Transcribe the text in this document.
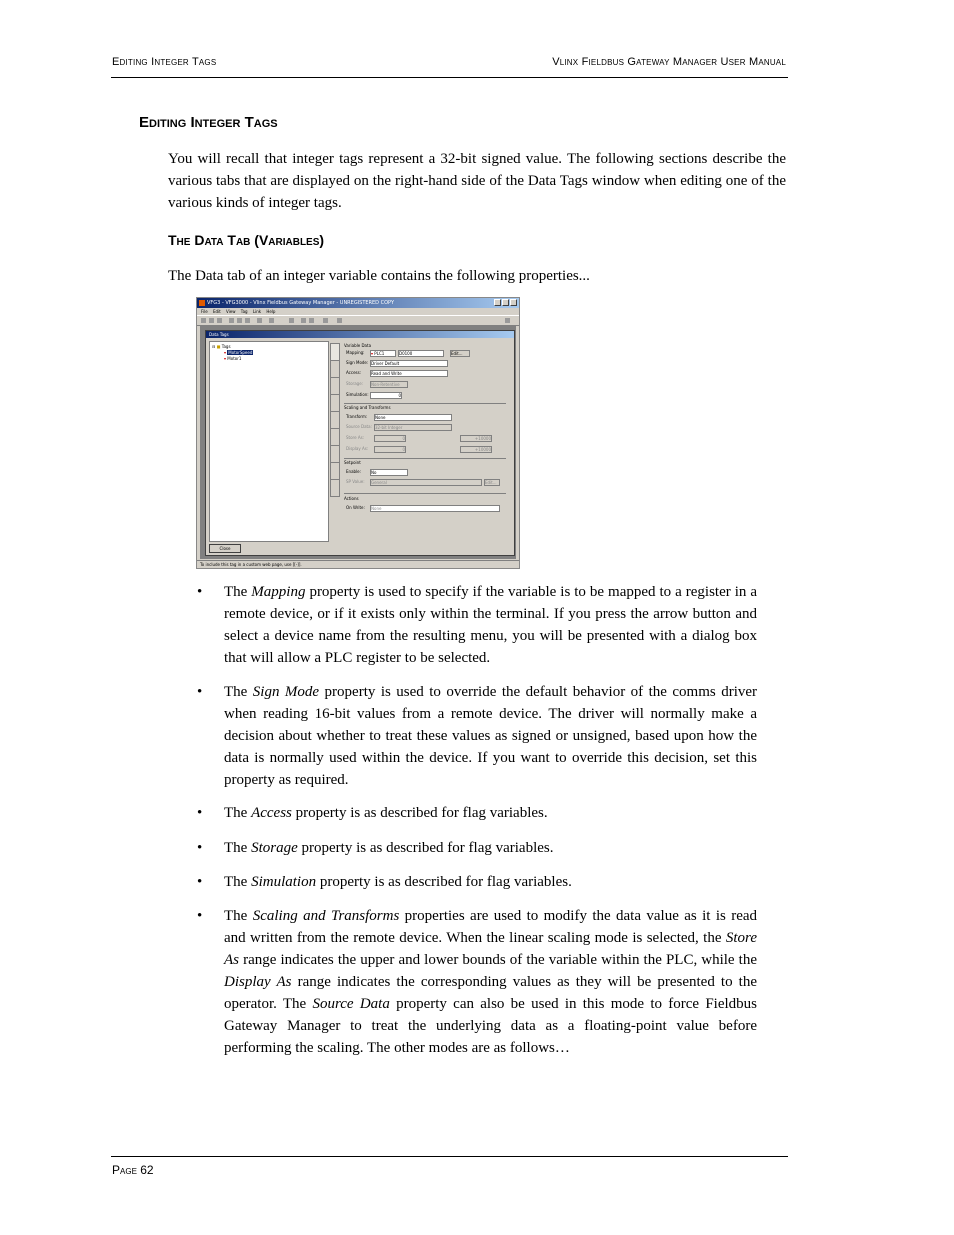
Editing Integer Tags	Vlinx Fieldbus Gateway Manager User Manual
Editing Integer Tags
You will recall that integer tags represent a 32-bit signed value. The following sections describe the various tabs that are displayed on the right-hand side of the Data Tags window when editing one of the various kinds of integer tags.
The Data Tab (Variables)
The Data tab of an integer variable contains the following properties...
VFG3 - VFG3000 - Vlinx Fieldbus Gateway Manager - UNREGISTERED COPY
File Edit View Tag Link Help
Data Tags
⊟ ■ Tags
▾ MotorSpeed
▾ Motor1
Close
Variable Data
Mapping: ▾ PLC1	D0100	Edit...
Sign Mode: Driver Default
Access: Read and Write
Storage: Non-Retentive
Simulation:	0
Scaling and Transforms
Transform: None
Source Data: 32-bit Integer
Store As:	0	+10000
Display As:	0	+10000
Setpoint
Enable:	No
SP Value: General	Edit...
Actions
On Write: None
To include this tag in a custom web page, use [[-]].
• The Mapping property is used to specify if the variable is to be mapped to a register in a remote device, or if it exists only within the terminal. If you press the arrow button and select a device name from the resulting menu, you will be presented with a dialog box that will allow a PLC register to be selected.
• The Sign Mode property is used to override the default behavior of the comms driver when reading 16-bit values from a remote device. The driver will normally make a decision about whether to treat these values as signed or unsigned, based upon how the data is normally used within the device. If you want to override this decision, set this property as required.
• The Access property is as described for flag variables.
• The Storage property is as described for flag variables.
• The Simulation property is as described for flag variables.
• The Scaling and Transforms properties are used to modify the data value as it is read and written from the remote device. When the linear scaling mode is selected, the Store As range indicates the upper and lower bounds of the variable within the PLC, while the Display As range indicates the corresponding values as they will be presented to the operator. The Source Data property can also be used in this mode to force Fieldbus Gateway Manager to treat the underlying data as a floating-point value before performing the scaling. The other modes are as follows…
Page 62
